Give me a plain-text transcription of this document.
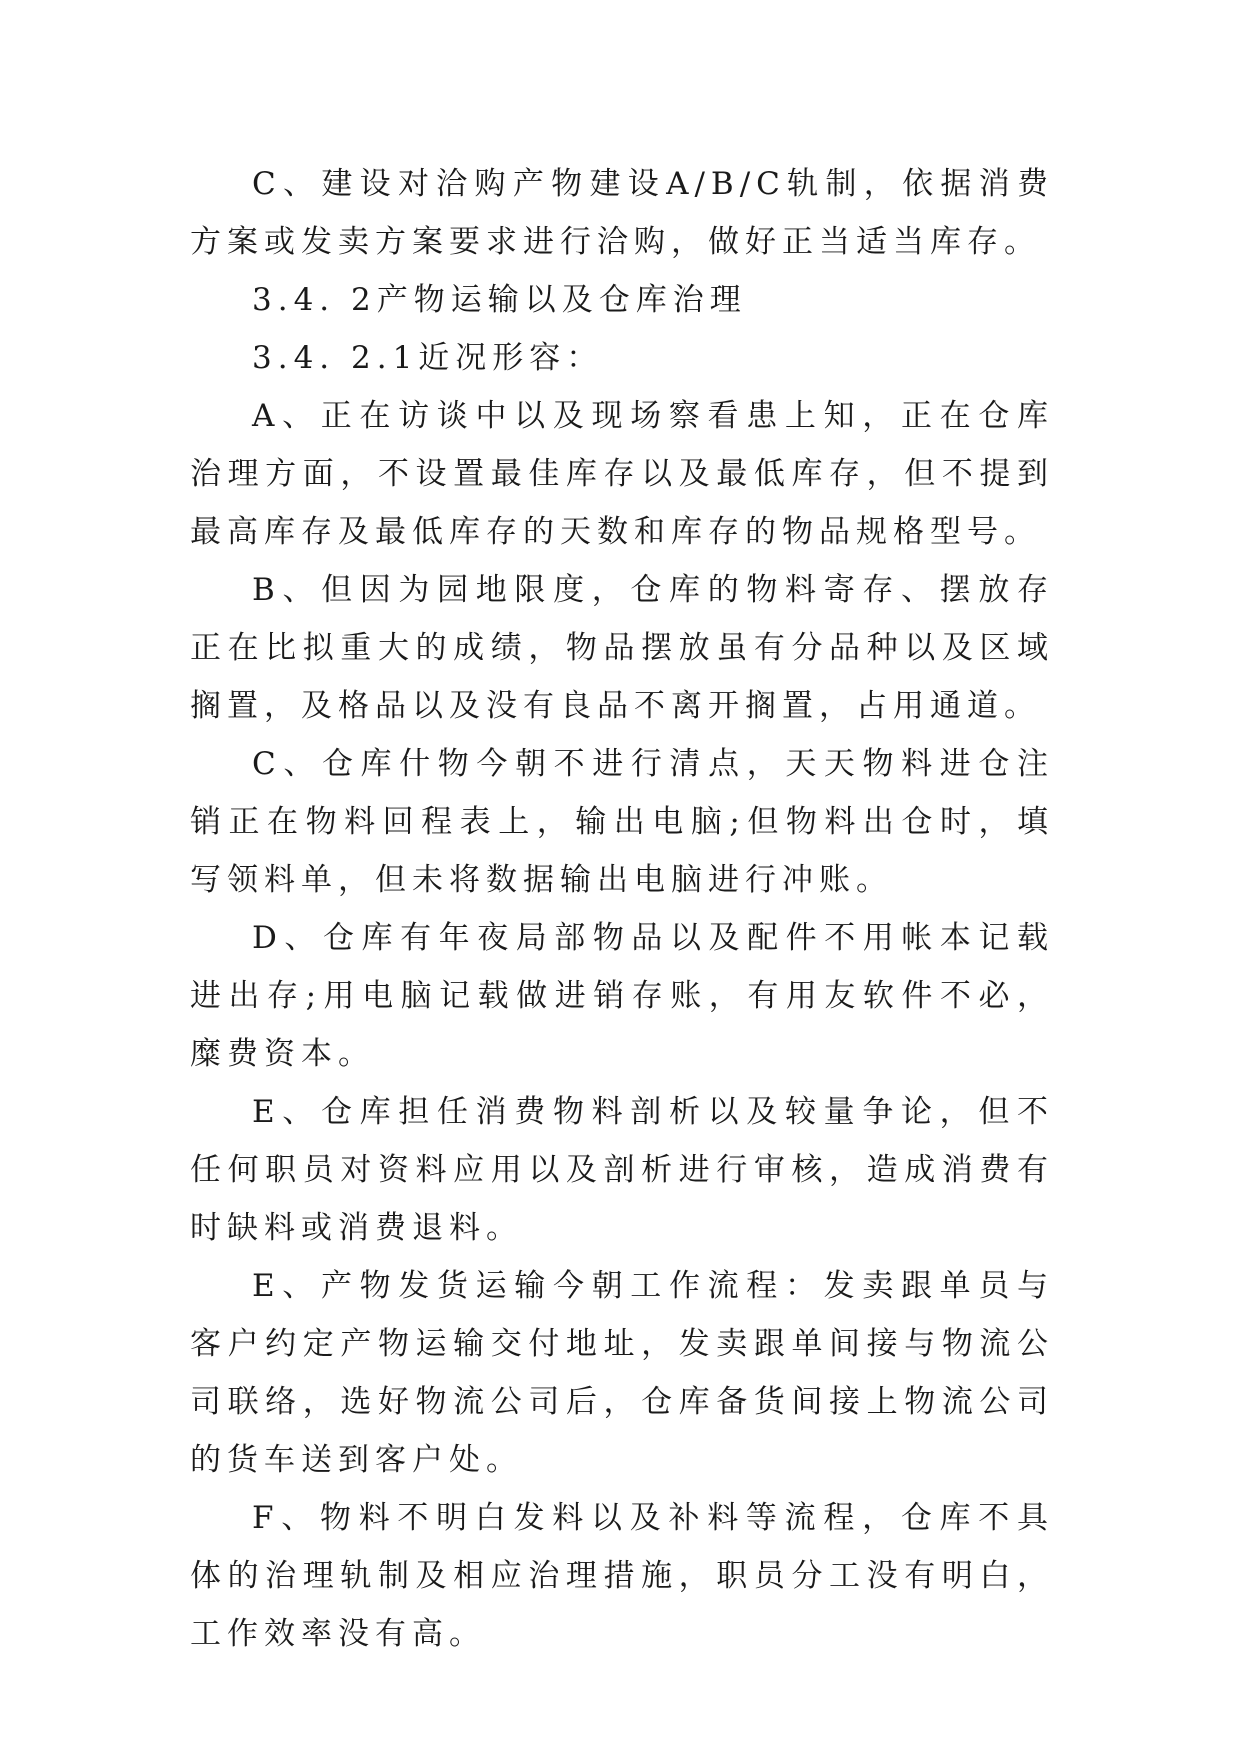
C、建设对洽购产物建设A/B/C轨制，依据消费方案或发卖方案要求进行洽购，做好正当适当库存。

3.4. 2产物运输以及仓库治理

3.4. 2.1近况形容：

A、正在访谈中以及现场察看患上知，正在仓库治理方面，不设置最佳库存以及最低库存，但不提到最高库存及最低库存的天数和库存的物品规格型号。

B、但因为园地限度，仓库的物料寄存、摆放存正在比拟重大的成绩，物品摆放虽有分品种以及区域搁置，及格品以及没有良品不离开搁置，占用通道。

C、仓库什物今朝不进行清点，天天物料进仓注销正在物料回程表上，输出电脑;但物料出仓时，填写领料单，但未将数据输出电脑进行冲账。

D、仓库有年夜局部物品以及配件不用帐本记载进出存;用电脑记载做进销存账，有用友软件不必，糜费资本。

E、仓库担任消费物料剖析以及较量争论，但不任何职员对资料应用以及剖析进行审核，造成消费有时缺料或消费退料。

E、产物发货运输今朝工作流程：发卖跟单员与客户约定产物运输交付地址，发卖跟单间接与物流公司联络，选好物流公司后，仓库备货间接上物流公司的货车送到客户处。

F、物料不明白发料以及补料等流程，仓库不具体的治理轨制及相应治理措施，职员分工没有明白，工作效率没有高。
